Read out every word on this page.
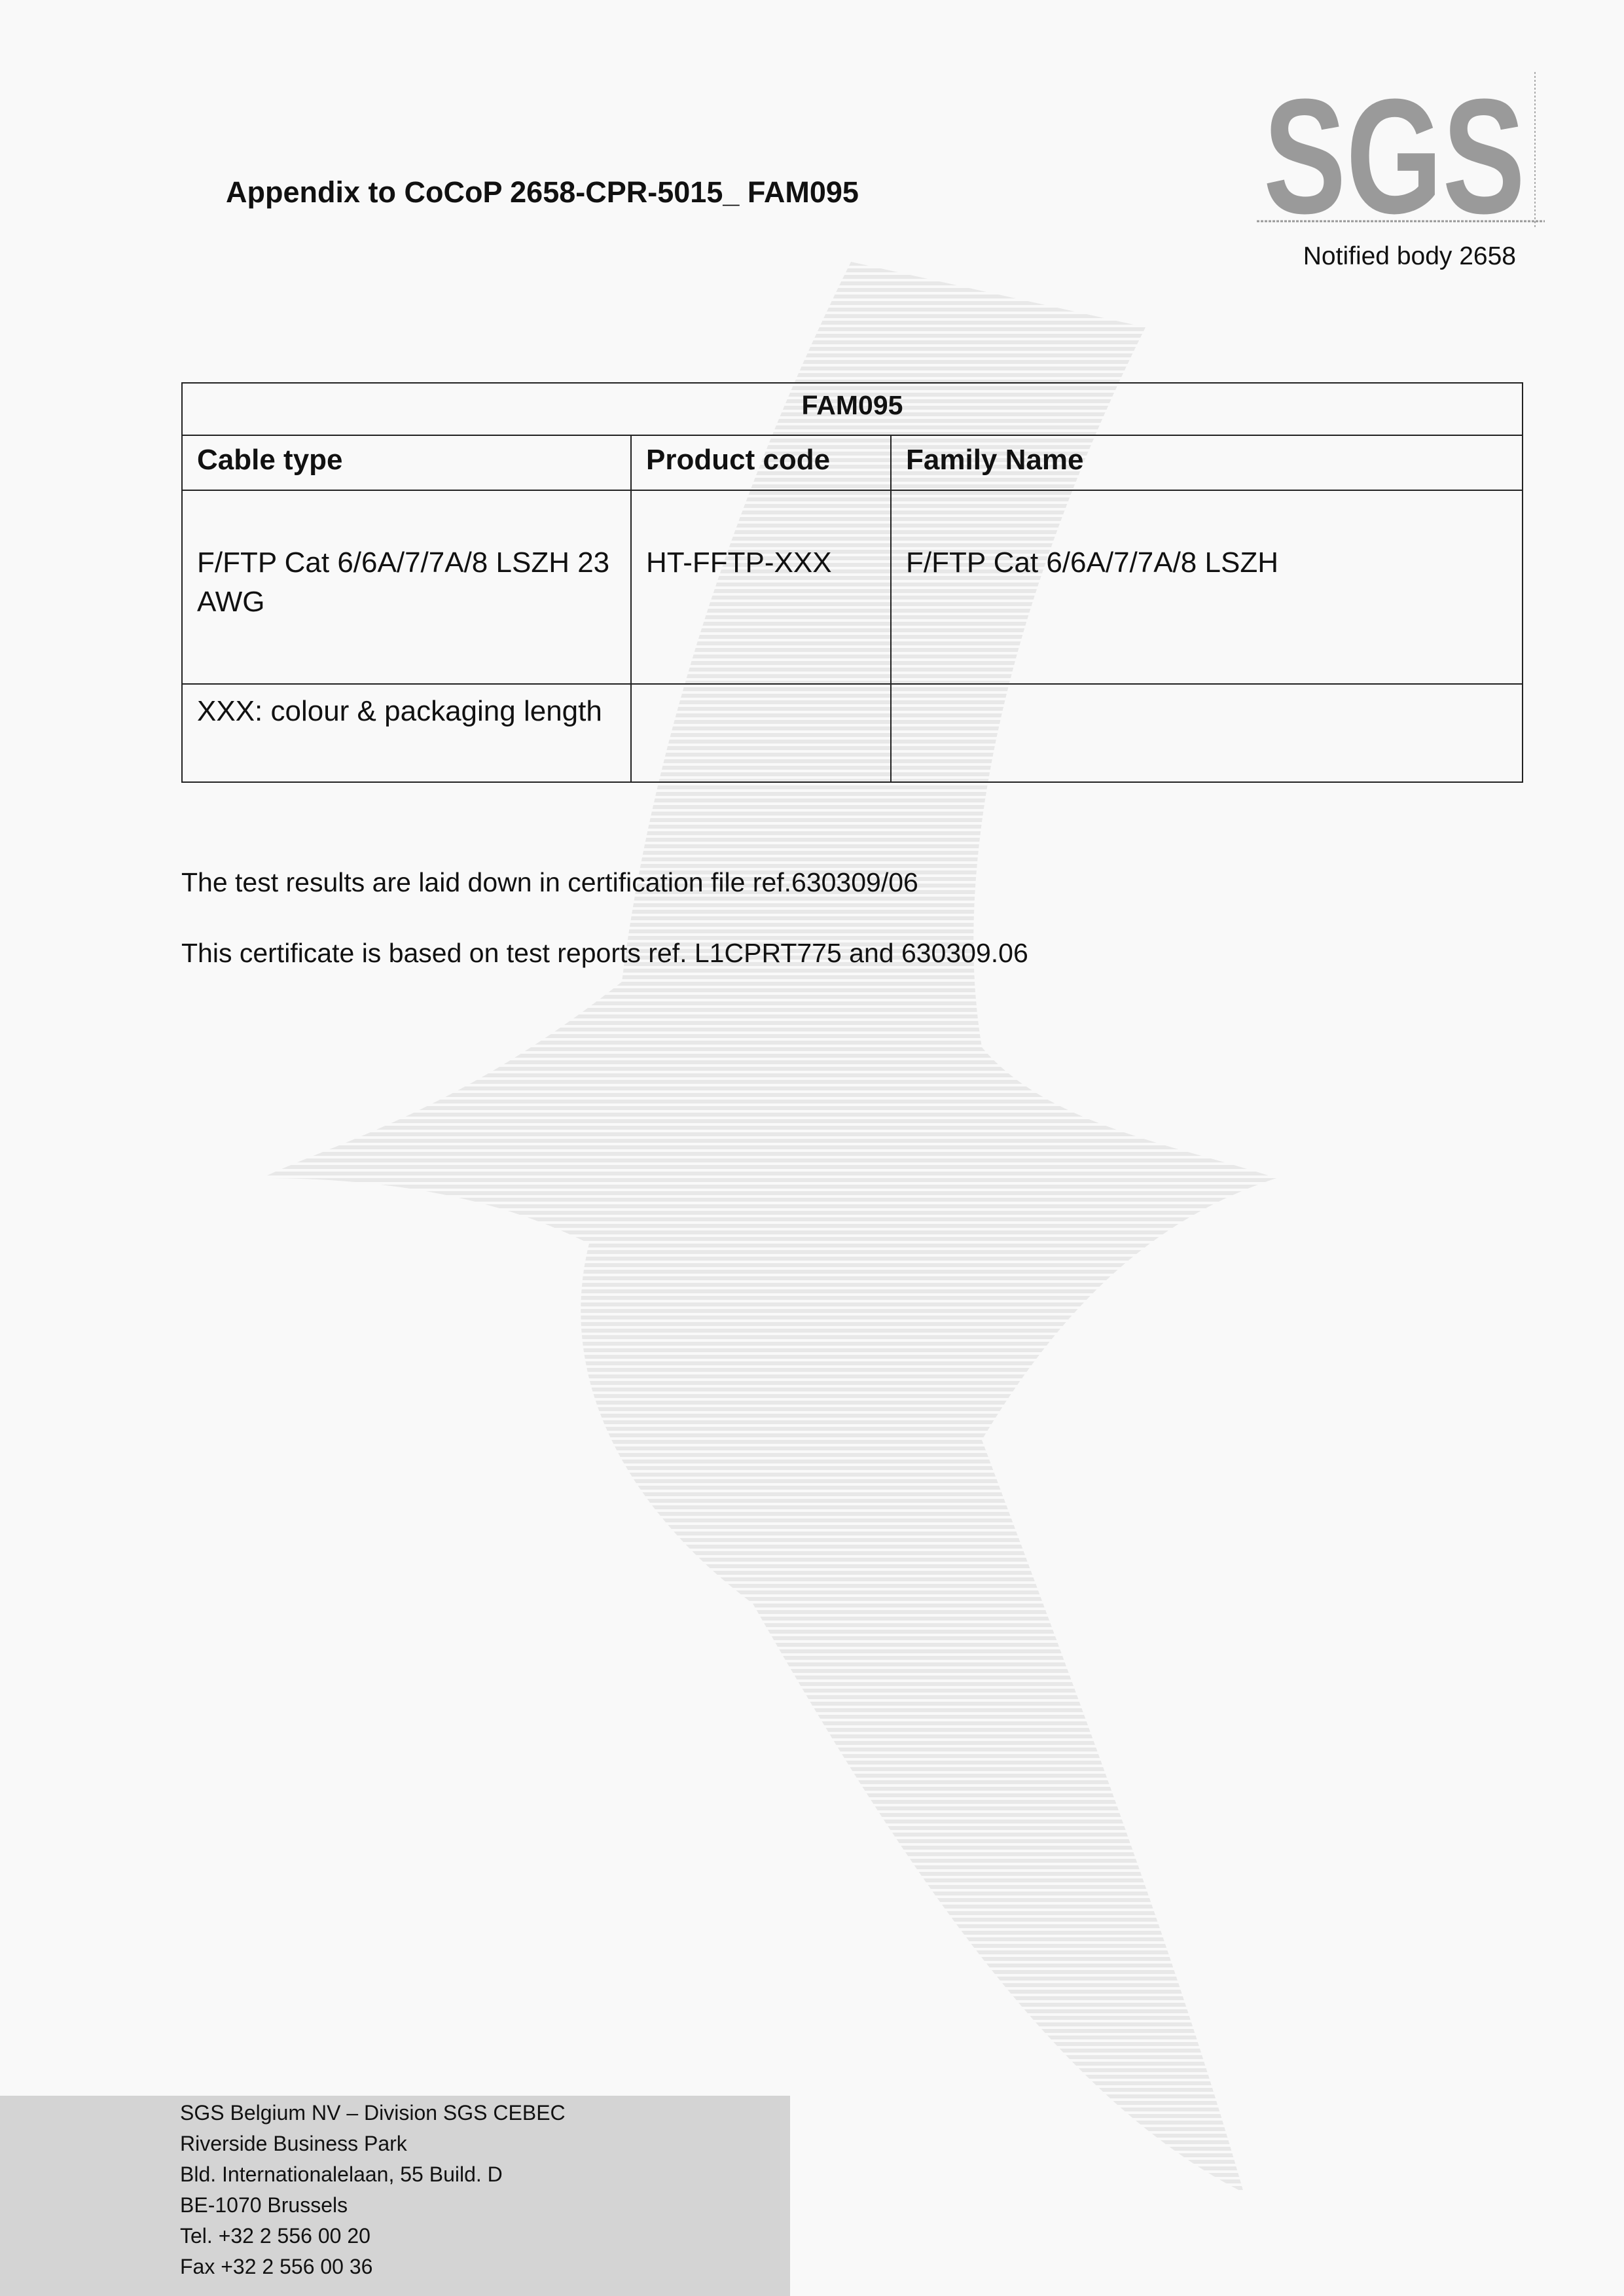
Appendix to CoCoP 2658-CPR-5015_ FAM095 SGS
Notified body 2658
FAM095		
Cable type	Product code	Family Name
F/FTP Cat 6/6A/7/7A/8 LSZH 23 AWG	HT-FFTP-XXX	F/FTP Cat 6/6A/7/7A/8 LSZH
XXX: colour & packaging length		
The test results are laid down in certification file ref.630309/06
This certificate is based on test reports ref. L1CPRT775 and 630309.06
SGS Belgium NV – Division SGS CEBEC
Riverside Business Park
Bld. Internationalelaan, 55 Build. D
BE-1070 Brussels
Tel. +32 2 556 00 20
Fax +32 2 556 00 36
